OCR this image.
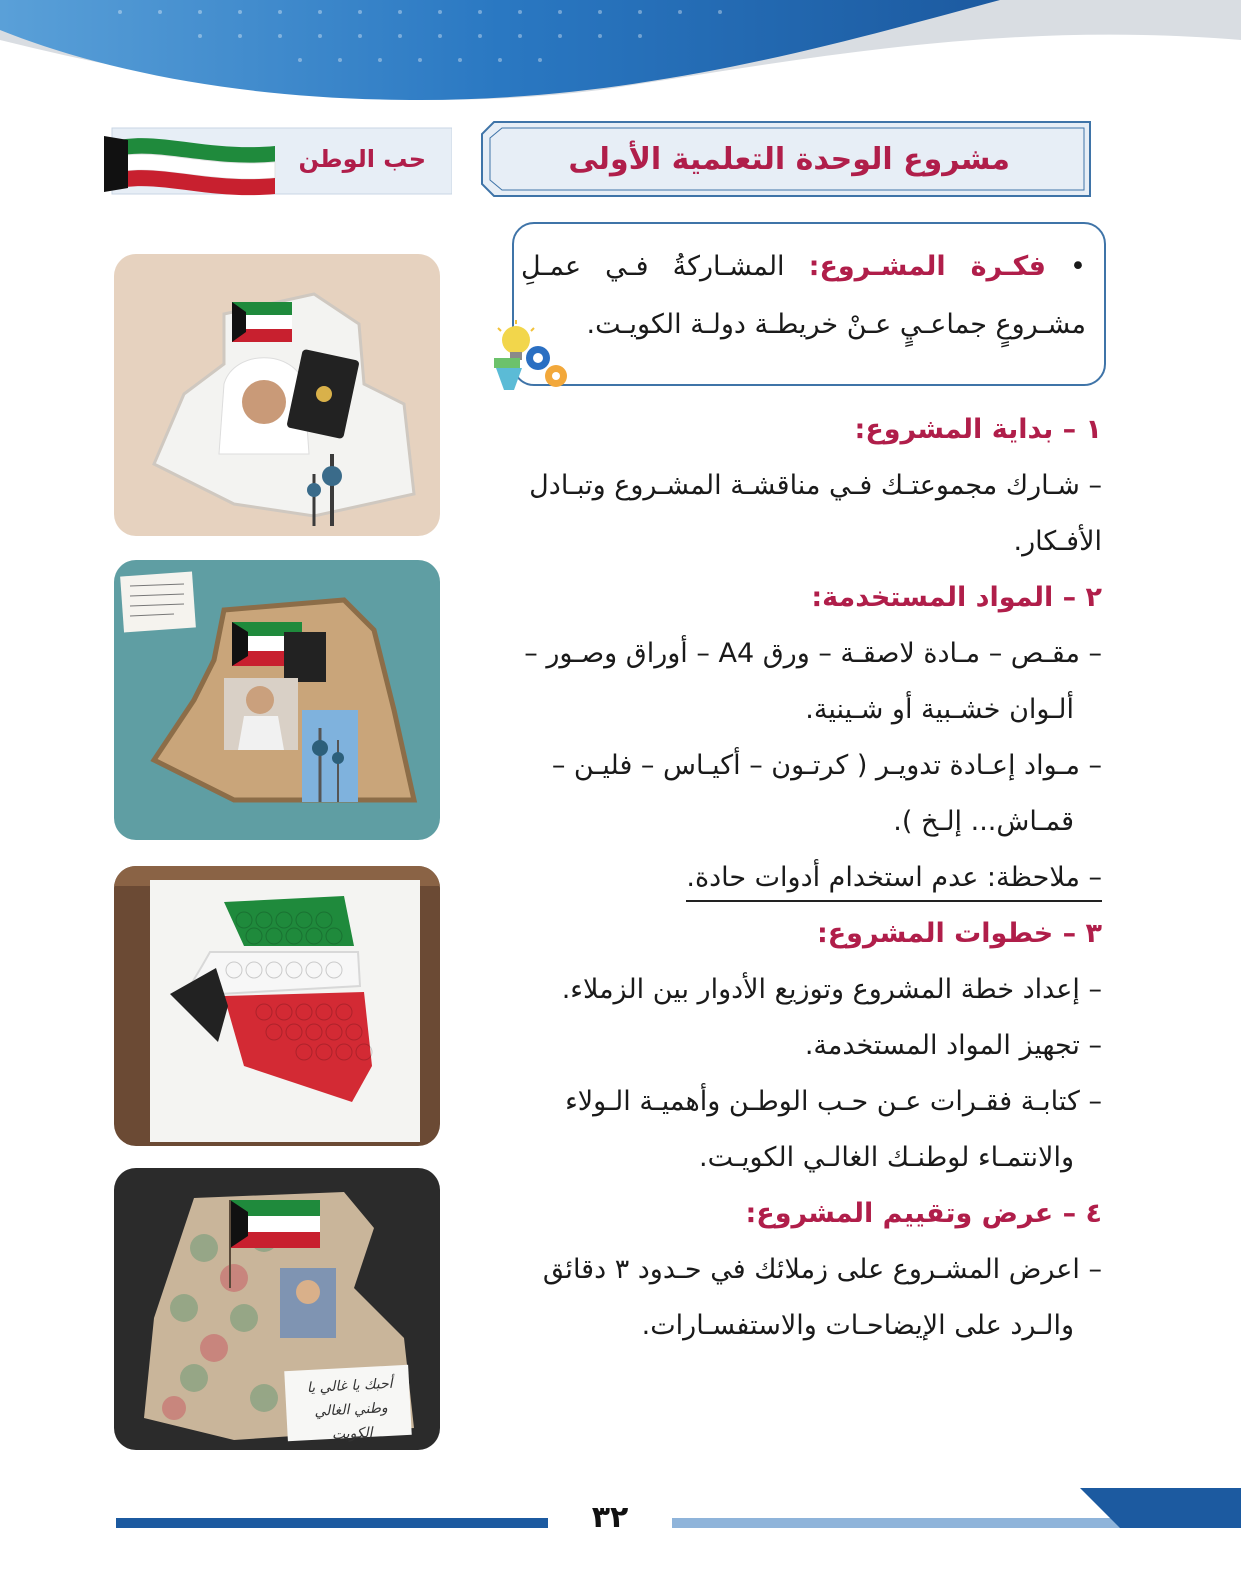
مشروع الوحدة التعلمية الأولى
حب الوطن
• فكـرة المشـروع: المشـاركةُ فـي عمـلِ مشـروعٍ جماعـيٍ عـنْ خريطـة دولـة الكويـت.

١ – بداية المشروع:

– شـارك مجموعتـك فـي مناقشـة المشـروع وتبـادل الأفـكار.

٢ – المواد المستخدمة:

– مقـص – مـادة لاصقـة – ورق A4 – أوراق وصـور –

ألـوان خشـبية أو شـينية.

– مـواد إعـادة تدويـر ( كرتـون – أكيـاس – فليـن –

قمـاش... إلـخ ).

– ملاحظة: عدم استخدام أدوات حادة.

٣ – خطوات المشروع:

– إعداد خطة المشروع وتوزيع الأدوار بين الزملاء.

– تجهيز المواد المستخدمة.

– كتابـة فقـرات عـن حـب الوطـن وأهميـة الـولاء

والانتمـاء لوطنـك الغالـي الكويـت.

٤ – عرض وتقييم المشروع:

– اعرض المشـروع على زملائك في حـدود ٣ دقائق

والـرد على الإيضاحـات والاستفسـارات.

أحبك يا غالي يا
وطني الغالي الكويت
٣٢
